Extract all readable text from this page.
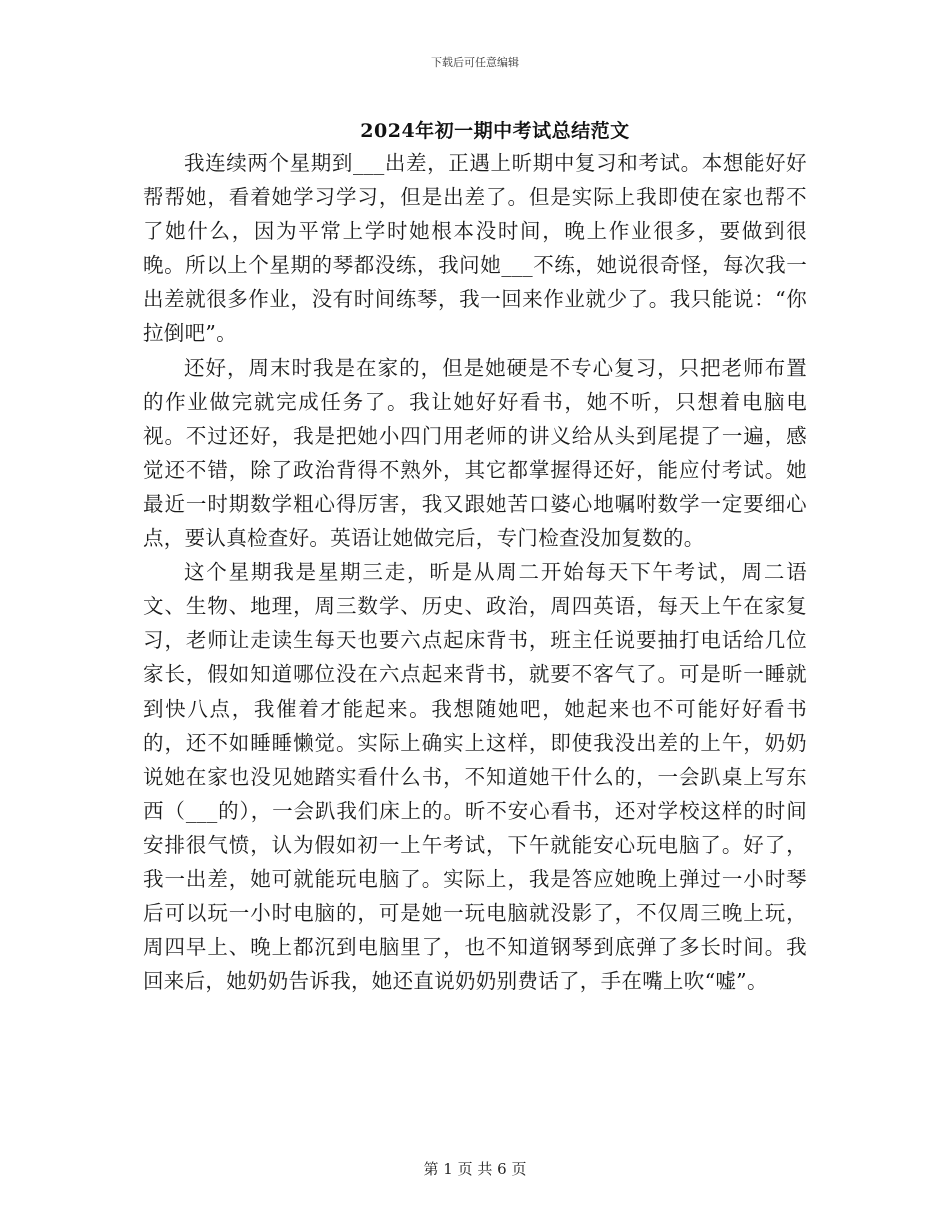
下载后可任意编辑
2024年初一期中考试总结范文

我连续两个星期到___出差，正遇上昕期中复习和考试。本想能好好帮帮她，看着她学习学习，但是出差了。但是实际上我即使在家也帮不了她什么，因为平常上学时她根本没时间，晚上作业很多，要做到很晚。所以上个星期的琴都没练，我问她___不练，她说很奇怪，每次我一出差就很多作业，没有时间练琴，我一回来作业就少了。我只能说：“你拉倒吧”。

还好，周末时我是在家的，但是她硬是不专心复习，只把老师布置的作业做完就完成任务了。我让她好好看书，她不听，只想着电脑电视。不过还好，我是把她小四门用老师的讲义给从头到尾提了一遍，感觉还不错，除了政治背得不熟外，其它都掌握得还好，能应付考试。她最近一时期数学粗心得厉害，我又跟她苦口婆心地嘱咐数学一定要细心点，要认真检查好。英语让她做完后，专门检查没加复数的。

这个星期我是星期三走，昕是从周二开始每天下午考试，周二语文、生物、地理，周三数学、历史、政治，周四英语，每天上午在家复习，老师让走读生每天也要六点起床背书，班主任说要抽打电话给几位家长，假如知道哪位没在六点起来背书，就要不客气了。可是昕一睡就到快八点，我催着才能起来。我想随她吧，她起来也不可能好好看书的，还不如睡睡懒觉。实际上确实上这样，即使我没出差的上午，奶奶说她在家也没见她踏实看什么书，不知道她干什么的，一会趴桌上写东西（___的），一会趴我们床上的。昕不安心看书，还对学校这样的时间安排很气愤，认为假如初一上午考试，下午就能安心玩电脑了。好了，我一出差，她可就能玩电脑了。实际上，我是答应她晚上弹过一小时琴后可以玩一小时电脑的，可是她一玩电脑就没影了，不仅周三晚上玩，周四早上、晚上都沉到电脑里了，也不知道钢琴到底弹了多长时间。我回来后，她奶奶告诉我，她还直说奶奶别费话了，手在嘴上吹“嘘”。

第 1 页 共 6 页
